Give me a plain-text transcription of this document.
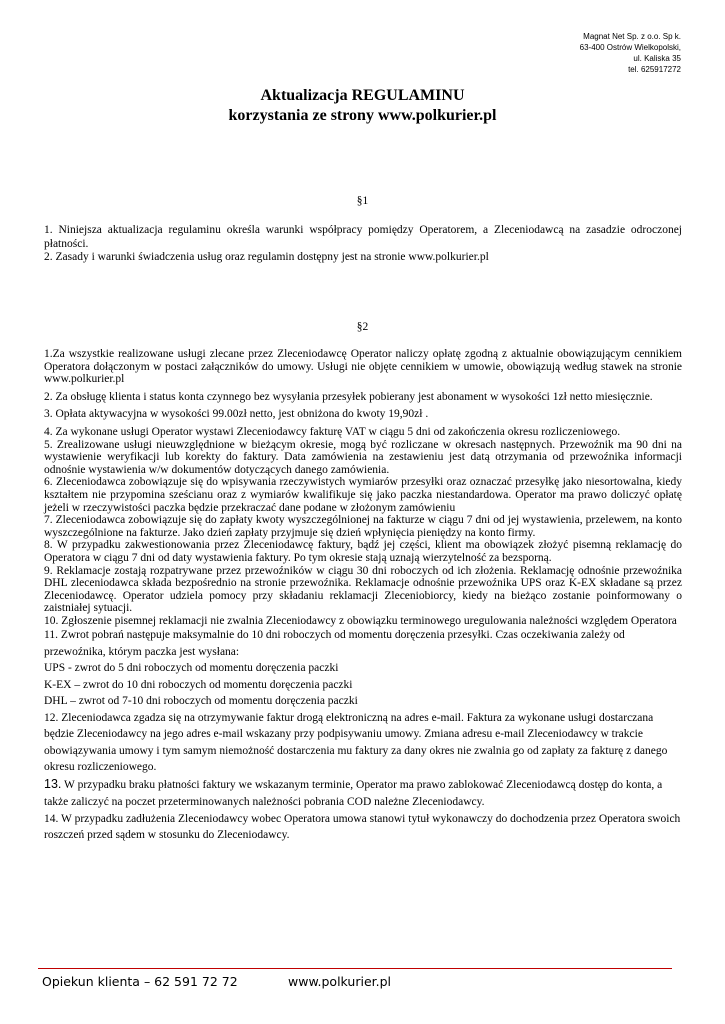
Magnat Net Sp. z o.o. Sp k.
63-400 Ostrów Wielkopolski,
ul. Kaliska 35
tel. 625917272
Aktualizacja REGULAMINU
korzystania ze strony www.polkurier.pl
§1

1. Niniejsza aktualizacja regulaminu określa warunki współpracy pomiędzy Operatorem, a Zleceniodawcą na zasadzie odroczonej płatności.

2. Zasady i warunki świadczenia usług oraz regulamin dostępny jest na stronie www.polkurier.pl

§2

1.Za wszystkie realizowane usługi zlecane przez Zleceniodawcę Operator naliczy opłatę zgodną z aktualnie obowiązującym cennikiem Operatora dołączonym w postaci załączników do umowy. Usługi nie objęte cennikiem w umowie, obowiązują według stawek na stronie www.polkurier.pl

2. Za obsługę klienta i status konta czynnego bez wysyłania przesyłek pobierany jest abonament w wysokości 1zł netto miesięcznie.

3. Opłata aktywacyjna w wysokości 99.00zł netto, jest obniżona do kwoty 19,90zł .

4. Za wykonane usługi Operator wystawi Zleceniodawcy fakturę VAT w ciągu 5 dni od zakończenia okresu rozliczeniowego.

5. Zrealizowane usługi nieuwzględnione w bieżącym okresie, mogą być rozliczane w okresach następnych. Przewoźnik ma 90 dni na wystawienie weryfikacji lub korekty do faktury. Data zamówienia na zestawieniu jest datą otrzymania od przewoźnika informacji odnośnie wystawienia w/w dokumentów dotyczących danego zamówienia.

6. Zleceniodawca zobowiązuje się do wpisywania rzeczywistych wymiarów przesyłki oraz oznaczać przesyłkę jako niesortowalna, kiedy kształtem nie przypomina sześcianu oraz z wymiarów kwalifikuje się jako paczka niestandardowa. Operator ma prawo doliczyć opłatę jeżeli w rzeczywistości paczka będzie przekraczać dane podane w złożonym zamówieniu

7. Zleceniodawca zobowiązuje się do zapłaty kwoty wyszczególnionej na fakturze w ciągu 7 dni od jej wystawienia, przelewem, na konto wyszczególnione na fakturze. Jako dzień zapłaty przyjmuje się dzień wpłynięcia pieniędzy na konto firmy.

8. W przypadku zakwestionowania przez Zleceniodawcę faktury, bądź jej części, klient ma obowiązek złożyć pisemną reklamację do Operatora w ciągu 7 dni od daty wystawienia faktury. Po tym okresie stają uznają wierzytelność za bezsporną.

9. Reklamacje zostają rozpatrywane przez przewoźników w ciągu 30 dni roboczych od ich złożenia. Reklamację odnośnie przewoźnika DHL zleceniodawca składa bezpośrednio na stronie przewoźnika. Reklamacje odnośnie przewoźnika UPS oraz K-EX składane są przez Zleceniodawcę. Operator udziela pomocy przy składaniu reklamacji Zleceniobiorcy, kiedy na bieżąco zostanie poinformowany o zaistniałej sytuacji.

10. Zgłoszenie pisemnej reklamacji nie zwalnia Zleceniodawcy z obowiązku terminowego uregulowania należności względem Operatora

11. Zwrot pobrań następuje maksymalnie do 10 dni roboczych od momentu doręczenia przesyłki. Czas oczekiwania zależy od przewoźnika, którym paczka jest wysłana:

UPS - zwrot do 5 dni roboczych od momentu doręczenia paczki

K-EX – zwrot do 10 dni roboczych od momentu doręczenia paczki

DHL – zwrot od 7-10 dni roboczych od momentu doręczenia paczki

12. Zleceniodawca zgadza się na otrzymywanie faktur drogą elektroniczną na adres e-mail. Faktura za wykonane usługi dostarczana będzie Zleceniodawcy na jego adres e-mail wskazany przy podpisywaniu umowy. Zmiana adresu e-mail Zleceniodawcy w trakcie obowiązywania umowy i tym samym niemożność dostarczenia mu faktury za dany okres nie zwalnia go od zapłaty za fakturę z danego okresu rozliczeniowego.

13. W przypadku braku płatności faktury we wskazanym terminie, Operator ma prawo zablokować Zleceniodawcą dostęp do konta, a także zaliczyć na poczet przeterminowanych należności pobrania COD należne Zleceniodawcy.

14. W przypadku zadłużenia Zleceniodawcy wobec Operatora umowa stanowi tytuł wykonawczy do dochodzenia przez Operatora swoich roszczeń przed sądem w stosunku do Zleceniodawcy.

Opiekun klienta – 62 591 72 72	www.polkurier.pl
